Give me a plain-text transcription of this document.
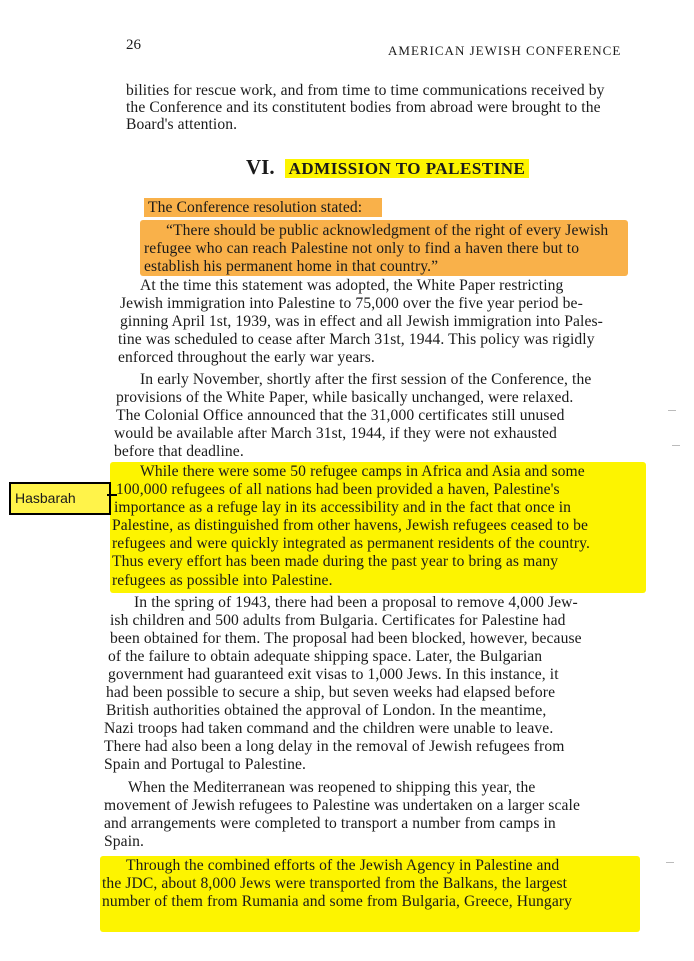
26	AMERICAN JEWISH CONFERENCE
VI. ADMISSION TO PALESTINE
Hasbarah
bilities for rescue work, and from time to time communications received by
the Conference and its constitutent bodies from abroad were brought to the
Board's attention.
The Conference resolution stated:
“There should be public acknowledgment of the right of every Jewish
refugee who can reach Palestine not only to find a haven there but to
establish his permanent home in that country.”
At the time this statement was adopted, the White Paper restricting
Jewish immigration into Palestine to 75,000 over the five year period be-
ginning April 1st, 1939, was in effect and all Jewish immigration into Pales-
tine was scheduled to cease after March 31st, 1944. This policy was rigidly
enforced throughout the early war years.
In early November, shortly after the first session of the Conference, the
provisions of the White Paper, while basically unchanged, were relaxed.
The Colonial Office announced that the 31,000 certificates still unused
would be available after March 31st, 1944, if they were not exhausted
before that deadline.
While there were some 50 refugee camps in Africa and Asia and some
100,000 refugees of all nations had been provided a haven, Palestine's
importance as a refuge lay in its accessibility and in the fact that once in
Palestine, as distinguished from other havens, Jewish refugees ceased to be
refugees and were quickly integrated as permanent residents of the country.
Thus every effort has been made during the past year to bring as many
refugees as possible into Palestine.
In the spring of 1943, there had been a proposal to remove 4,000 Jew-
ish children and 500 adults from Bulgaria. Certificates for Palestine had
been obtained for them. The proposal had been blocked, however, because
of the failure to obtain adequate shipping space. Later, the Bulgarian
government had guaranteed exit visas to 1,000 Jews. In this instance, it
had been possible to secure a ship, but seven weeks had elapsed before
British authorities obtained the approval of London. In the meantime,
Nazi troops had taken command and the children were unable to leave.
There had also been a long delay in the removal of Jewish refugees from
Spain and Portugal to Palestine.
When the Mediterranean was reopened to shipping this year, the
movement of Jewish refugees to Palestine was undertaken on a larger scale
and arrangements were completed to transport a number from camps in
Spain.
Through the combined efforts of the Jewish Agency in Palestine and
the JDC, about 8,000 Jews were transported from the Balkans, the largest
number of them from Rumania and some from Bulgaria, Greece, Hungary
